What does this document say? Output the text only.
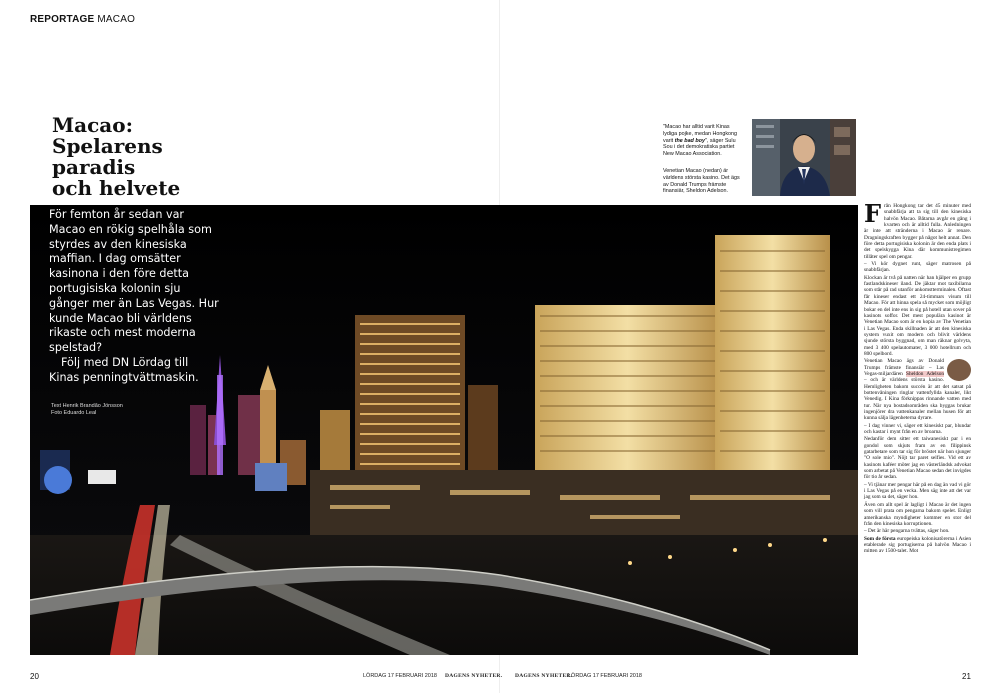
REPORTAGE MACAO
Macao:
Spelarens
paradis
och helvete
"Macao har alltid varit Kinas lydiga pojke, medan Hongkong varit the bad boy", säger Sulu Sou i det demokratiska partiet New Macao Association.
Venetian Macao (nedan) är världens största kasino. Det ägs av Donald Trumps främste finansiär, Sheldon Adelson.

För femton år sedan var Macao en rökig spelhåla som styrdes av den kinesiska maffian. I dag omsätter kasinona i den före detta portugisiska kolonin sju gånger mer än Las Vegas. Hur kunde Macao bli världens rikaste och mest moderna spelstad?

Följ med DN Lördag till Kinas penningtvättmaskin.

Text Henrik Brandão Jönsson
Foto Eduardo Leal

Från Hongkong tar det 45 minuter med snabbfärja att ta sig till den kinesiska halvön Macao. Båtarna avgår en gång i kvarten och är alltid fulla. Anledningen är inte att stränderna i Macao är renare. Dragningskraften bygger på något helt annat. Den före detta portugisiska kolonin är den enda plats i det spelskygga Kina där kommunistregimen tillåter spel om pengar.

– Vi kör dygnet runt, säger matrosen på snabbfärjan.

Klockan är två på natten när han hjälper en grupp fastlandskineser iland. De jäktar mot taxibilarna som står på rad utanför ankomstterminalen. Oftast får kineser endast ett 24-timmars visum till Macao. För att hinna spela så mycket som möjligt bokar en del inte ens in sig på hotell utan sover på kasinots soffor. Det mest populära kasinot är Venetian Macao som är en kopia av The Venetian i Las Vegas. Enda skillnaden är att den kinesiska systern vuxit om modern och blivit världens sjunde största byggnad, om man räknar golvyta, med 3 400 spelautomater, 3 000 hotellrum och 800 spelbord.

Venetian Macao ägs av Donald Trumps främste finansiär – Las Vegas-miljardären Sheldon Adelson – och är världens största kasino. Hemligheten bakom succén är att det satsat på bottenvåningen ringlar vattenfyllda kanaler, likt Venedig. I Kina förknippas rinnande vatten med tur. När nya bostadsområden ska byggas brukar ingenjörer dra vattenkanaler mellan husen för att kunna sälja lägenheterna dyrare.

– I dag vinner vi, säger ett kinesiskt par, blundar och kastar i mynt från en av broarna.

Nedanför dem sitter ett taiwanesiskt par i en gondol som skjuts fram av en filippinsk gatarbetare som tar sig för bröstet när hon sjunger "O sole mio". Nöjt tar paret selfies. Vid ett av kasinots kaféer möter jag en västerländsk advokat som arbetat på Venetian Macao sedan det invigdes för tio år sedan.

– Vi tjänar mer pengar här på en dag än vad vi gör i Las Vegas på en vecka. Men säg inte att det var jag som sa det, säger hon.

Även om allt spel är lagligt i Macao är det ingen som vill prata om pengarna bakom spelet. Enligt amerikanska myndigheter kommer en stor del från den kinesiska korruptionen.

– Det är här pengarna tvättas, säger hon.

Som de första europeiska kolonisatörerna i Asien etablerade sig portugiserna på halvön Macao i mitten av 1500-talet. Mot

20	LÖRDAG 17 FEBRUARI 2018 DAGENS NYHETER. DAGENS NYHETER.
LÖRDAG 17 FEBRUARI 2018	21
